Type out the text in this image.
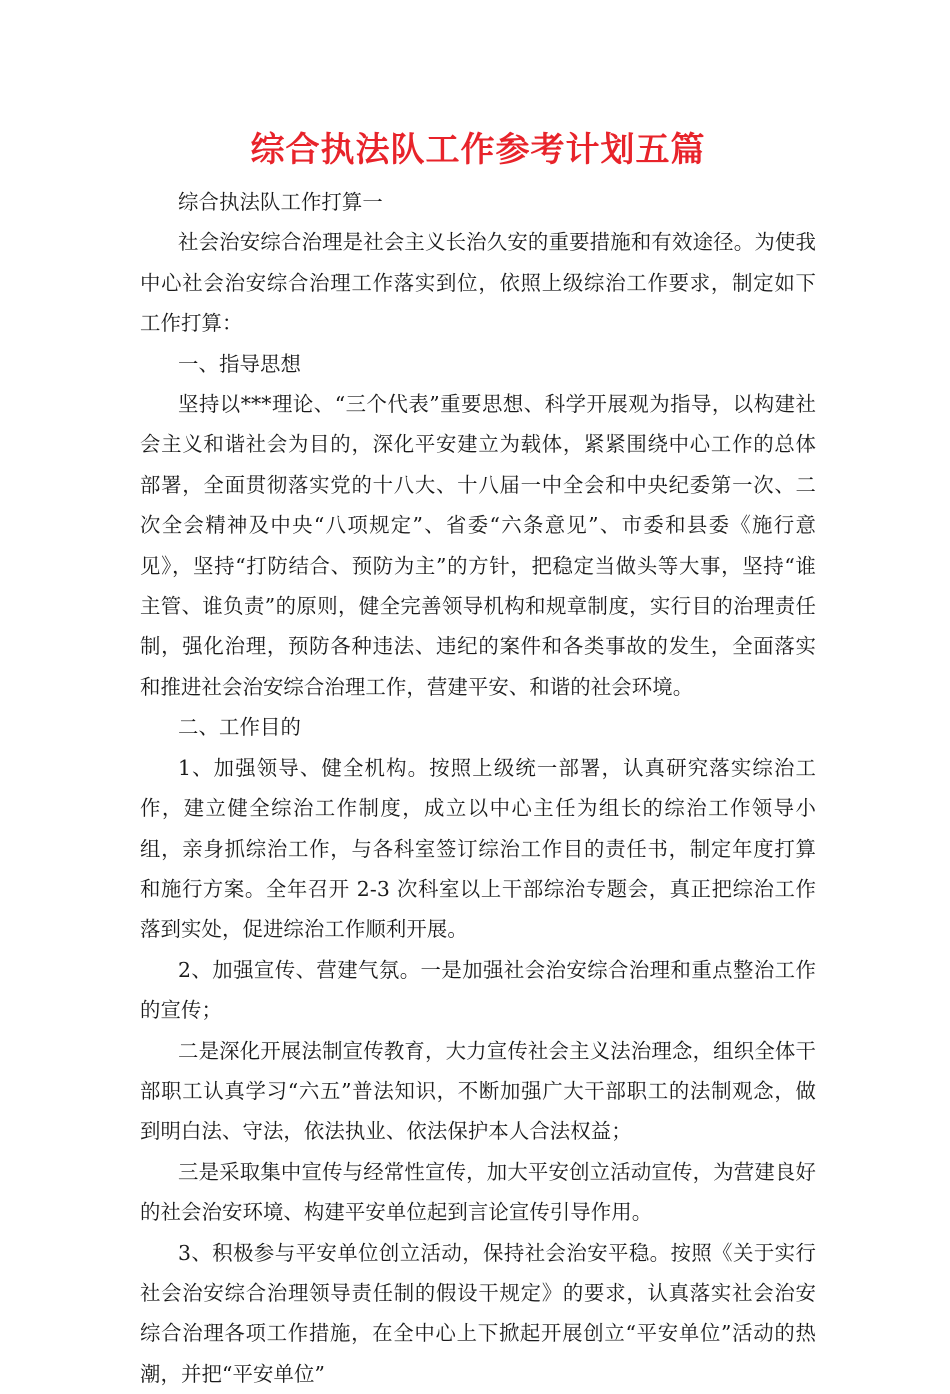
综合执法队工作参考计划五篇
综合执法队工作打算一

社会治安综合治理是社会主义长治久安的重要措施和有效途径。为使我中心社会治安综合治理工作落实到位，依照上级综治工作要求，制定如下工作打算：

一、指导思想

坚持以***理论、“三个代表”重要思想、科学开展观为指导，以构建社会主义和谐社会为目的，深化平安建立为载体，紧紧围绕中心工作的总体部署，全面贯彻落实党的十八大、十八届一中全会和中央纪委第一次、二次全会精神及中央“八项规定”、省委“六条意见”、市委和县委《施行意见》，坚持“打防结合、预防为主”的方针，把稳定当做头等大事，坚持“谁主管、谁负责”的原则，健全完善领导机构和规章制度，实行目的治理责任制，强化治理，预防各种违法、违纪的案件和各类事故的发生，全面落实和推进社会治安综合治理工作，营建平安、和谐的社会环境。

二、工作目的

1、加强领导、健全机构。按照上级统一部署，认真研究落实综治工作，建立健全综治工作制度，成立以中心主任为组长的综治工作领导小组，亲身抓综治工作，与各科室签订综治工作目的责任书，制定年度打算和施行方案。全年召开 2-3 次科室以上干部综治专题会，真正把综治工作落到实处，促进综治工作顺利开展。

2、加强宣传、营建气氛。一是加强社会治安综合治理和重点整治工作的宣传；

二是深化开展法制宣传教育，大力宣传社会主义法治理念，组织全体干部职工认真学习“六五”普法知识，不断加强广大干部职工的法制观念，做到明白法、守法，依法执业、依法保护本人合法权益；

三是采取集中宣传与经常性宣传，加大平安创立活动宣传，为营建良好的社会治安环境、构建平安单位起到言论宣传引导作用。

3、积极参与平安单位创立活动，保持社会治安平稳。按照《关于实行社会治安综合治理领导责任制的假设干规定》的要求，认真落实社会治安综合治理各项工作措施，在全中心上下掀起开展创立“平安单位”活动的热潮，并把“平安单位”
